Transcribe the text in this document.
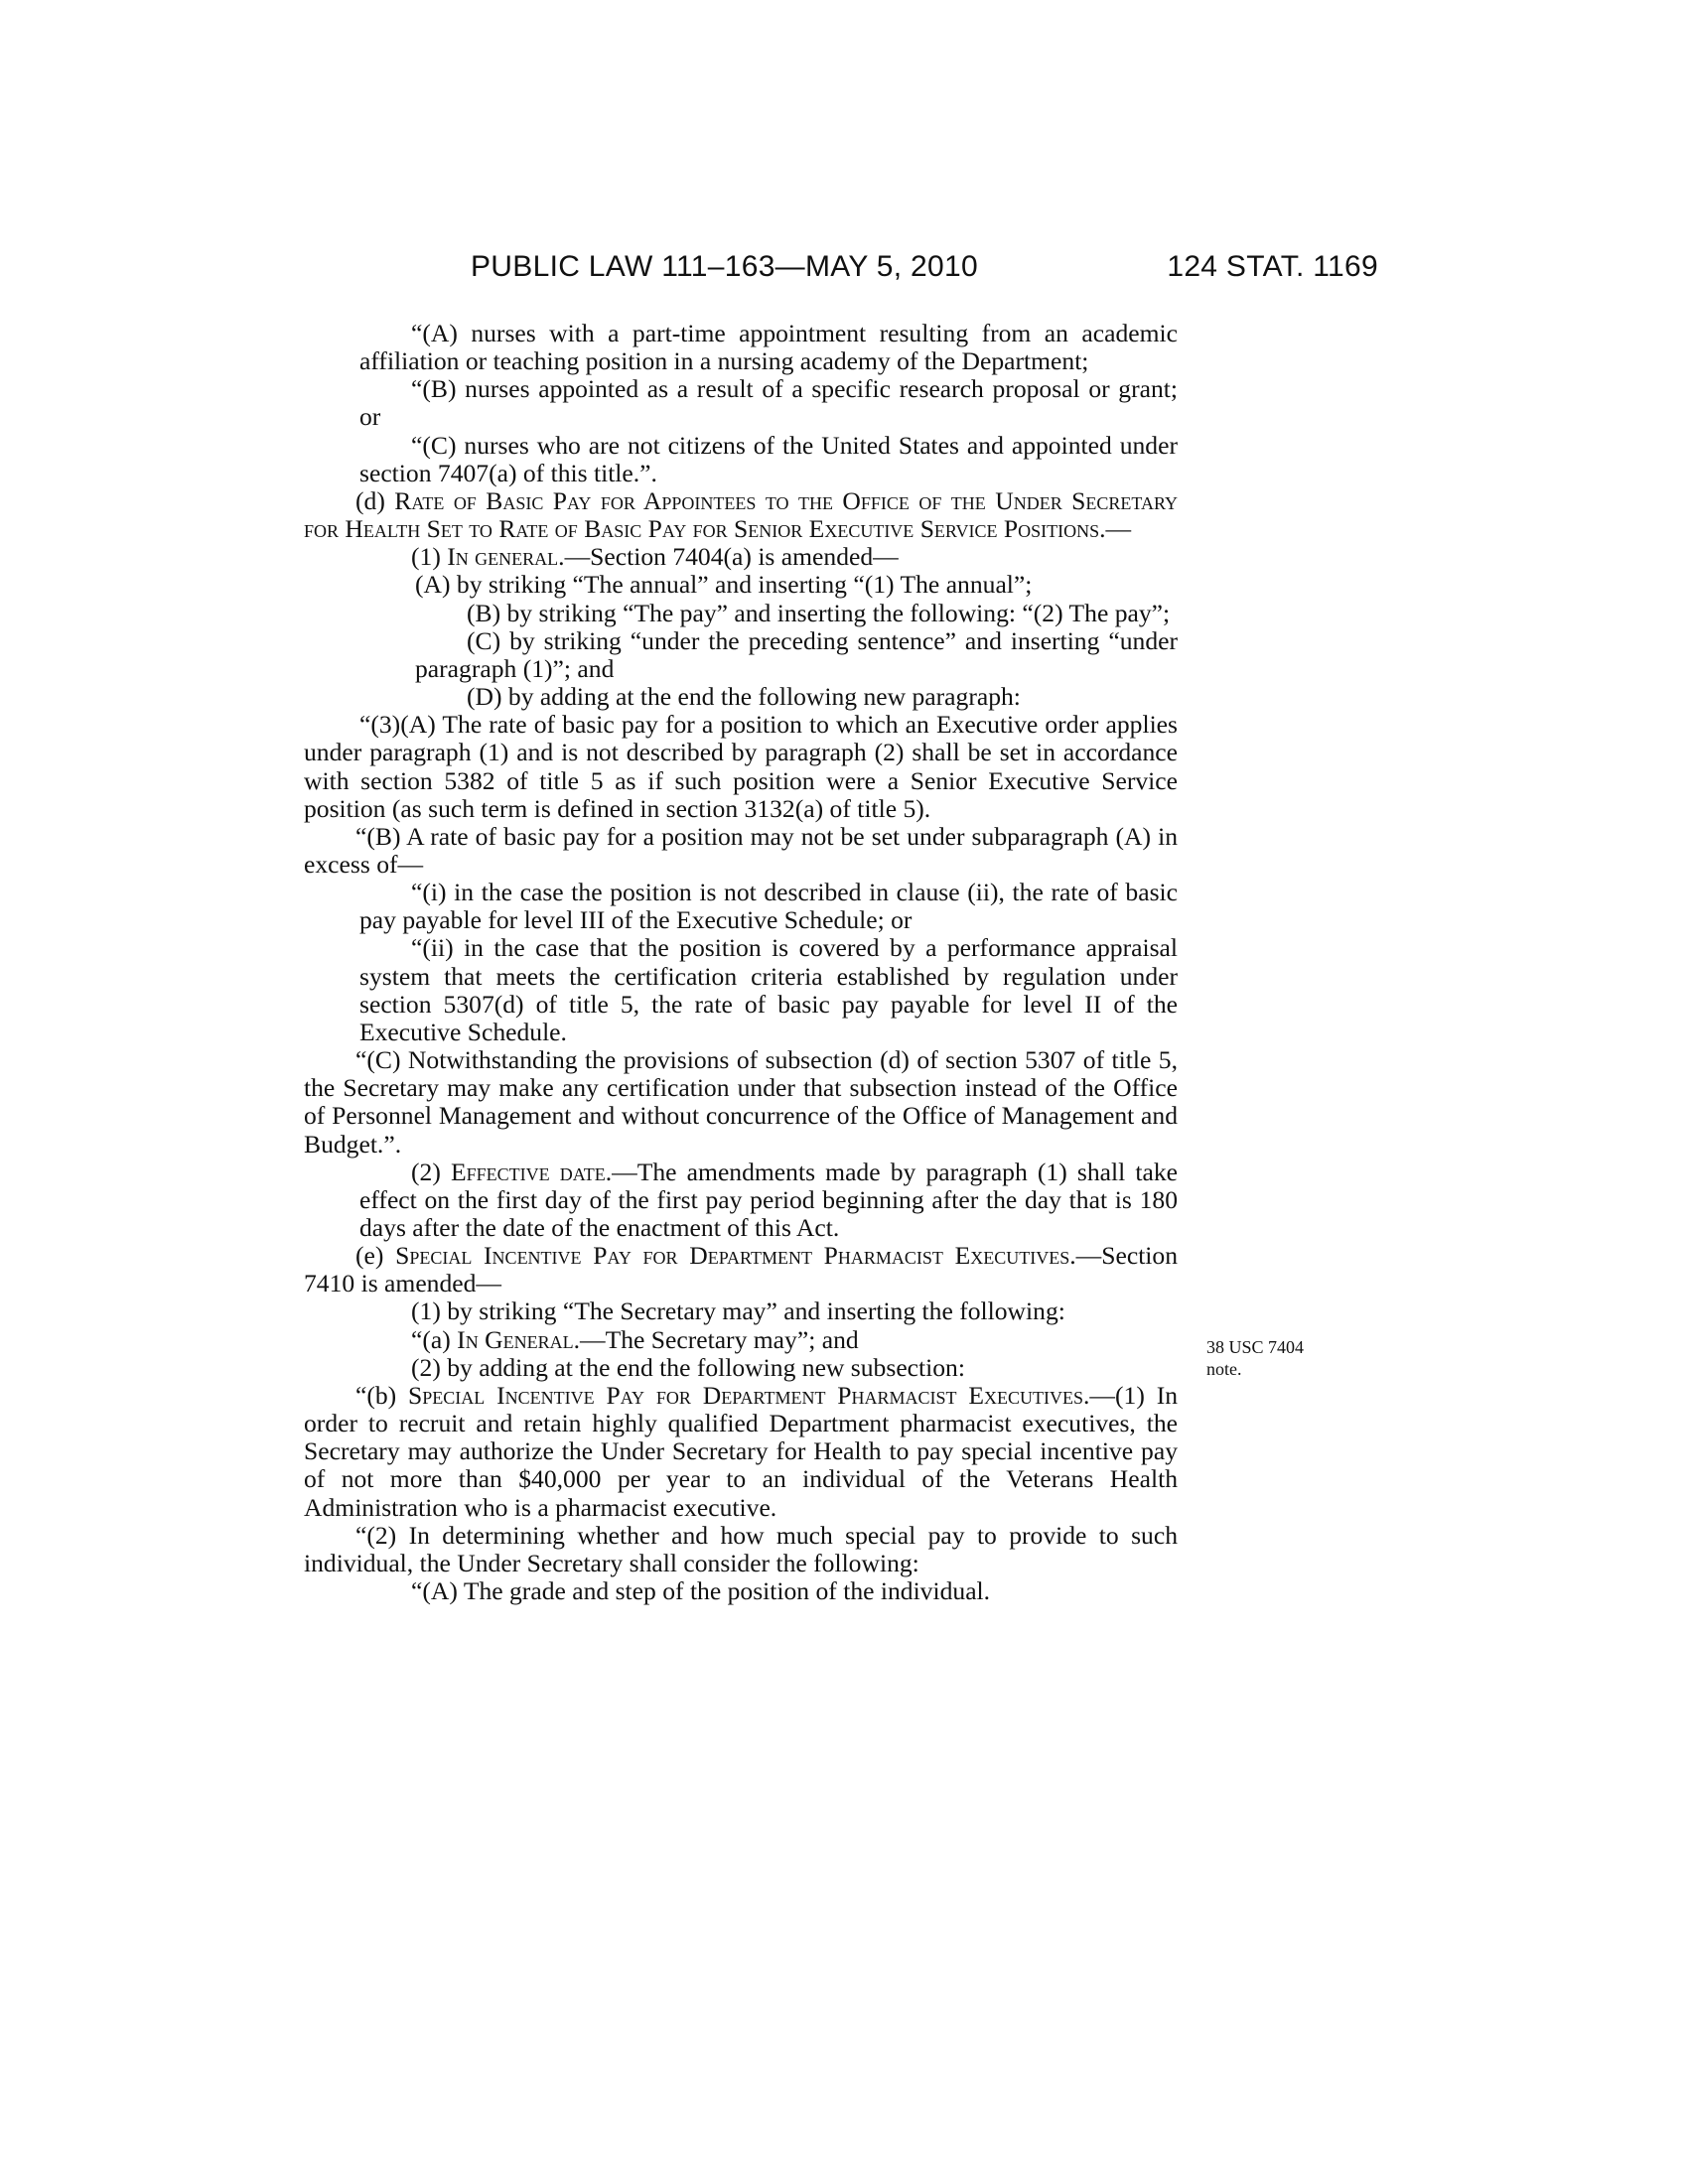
PUBLIC LAW 111–163—MAY 5, 2010	124 STAT. 1169

“(A) nurses with a part-time appointment resulting from an academic affiliation or teaching position in a nursing academy of the Department;

“(B) nurses appointed as a result of a specific research proposal or grant; or

“(C) nurses who are not citizens of the United States and appointed under section 7407(a) of this title.”.

(d) Rate of Basic Pay for Appointees to the Office of the Under Secretary for Health Set to Rate of Basic Pay for Senior Executive Service Positions.—

(1) In general.—Section 7404(a) is amended—

(A) by striking “The annual” and inserting “(1) The annual”;

(B) by striking “The pay” and inserting the following: “(2) The pay”;

(C) by striking “under the preceding sentence” and inserting “under paragraph (1)”; and

(D) by adding at the end the following new paragraph:

“(3)(A) The rate of basic pay for a position to which an Executive order applies under paragraph (1) and is not described by paragraph (2) shall be set in accordance with section 5382 of title 5 as if such position were a Senior Executive Service position (as such term is defined in section 3132(a) of title 5).

“(B) A rate of basic pay for a position may not be set under subparagraph (A) in excess of—

“(i) in the case the position is not described in clause (ii), the rate of basic pay payable for level III of the Executive Schedule; or

“(ii) in the case that the position is covered by a performance appraisal system that meets the certification criteria established by regulation under section 5307(d) of title 5, the rate of basic pay payable for level II of the Executive Schedule.

“(C) Notwithstanding the provisions of subsection (d) of section 5307 of title 5, the Secretary may make any certification under that subsection instead of the Office of Personnel Management and without concurrence of the Office of Management and Budget.”.

(2) Effective date.—The amendments made by paragraph (1) shall take effect on the first day of the first pay period beginning after the day that is 180 days after the date of the enactment of this Act.

(e) Special Incentive Pay for Department Pharmacist Executives.—Section 7410 is amended—

(1) by striking “The Secretary may” and inserting the following:

“(a) In General.—The Secretary may”; and

(2) by adding at the end the following new subsection:

“(b) Special Incentive Pay for Department Pharmacist Executives.—(1) In order to recruit and retain highly qualified Department pharmacist executives, the Secretary may authorize the Under Secretary for Health to pay special incentive pay of not more than $40,000 per year to an individual of the Veterans Health Administration who is a pharmacist executive.

“(2) In determining whether and how much special pay to provide to such individual, the Under Secretary shall consider the following:

“(A) The grade and step of the position of the individual.

38 USC 7404
note.
